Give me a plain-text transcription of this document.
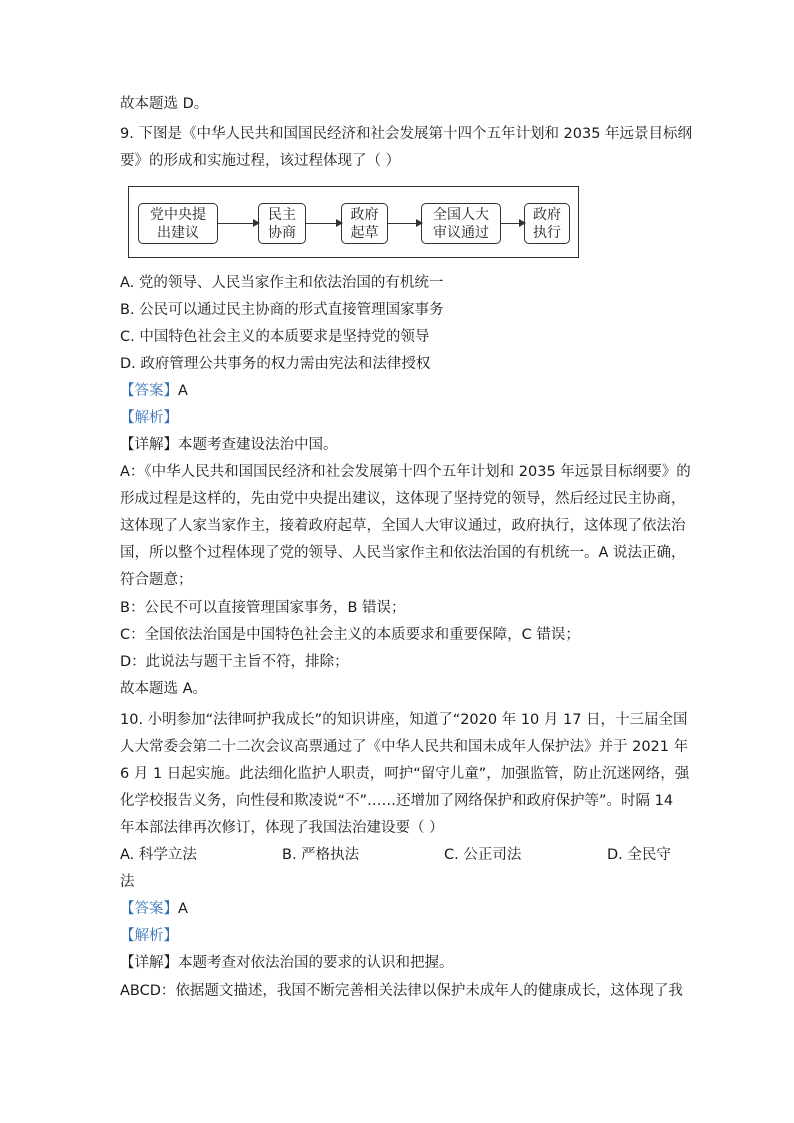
故本题选 D。
9. 下图是《中华人民共和国国民经济和社会发展第十四个五年计划和 2035 年远景目标纲
要》的形成和实施过程，该过程体现了（ ）
党中央提
出建议
民主
协商
政府
起草
全国人大
审议通过
政府
执行
A. 党的领导、人民当家作主和依法治国的有机统一
B. 公民可以通过民主协商的形式直接管理国家事务
C. 中国特色社会主义的本质要求是坚持党的领导
D. 政府管理公共事务的权力需由宪法和法律授权
【答案】A
【解析】
【详解】本题考查建设法治中国。
A：《中华人民共和国国民经济和社会发展第十四个五年计划和 2035 年远景目标纲要》的
形成过程是这样的，先由党中央提出建议，这体现了坚持党的领导，然后经过民主协商，
这体现了人家当家作主，接着政府起草，全国人大审议通过，政府执行，这体现了依法治
国，所以整个过程体现了党的领导、人民当家作主和依法治国的有机统一。A 说法正确，
符合题意；
B：公民不可以直接管理国家事务，B 错误；
C：全国依法治国是中国特色社会主义的本质要求和重要保障，C 错误；
D：此说法与题干主旨不符，排除；
故本题选 A。
10. 小明参加“法律呵护我成长”的知识讲座，知道了“2020 年 10 月 17 日，十三届全国
人大常委会第二十二次会议高票通过了《中华人民共和国未成年人保护法》并于 2021 年
6 月 1 日起实施。此法细化监护人职责，呵护“留守儿童”，加强监管，防止沉迷网络，强
化学校报告义务，向性侵和欺凌说“不”……还增加了网络保护和政府保护等”。时隔 14
年本部法律再次修订，体现了我国法治建设要（ ）
A. 科学立法	B. 严格执法	C. 公正司法	D. 全民守
法
【答案】A
【解析】
【详解】本题考查对依法治国的要求的认识和把握。
ABCD：依据题文描述，我国不断完善相关法律以保护未成年人的健康成长，这体现了我
